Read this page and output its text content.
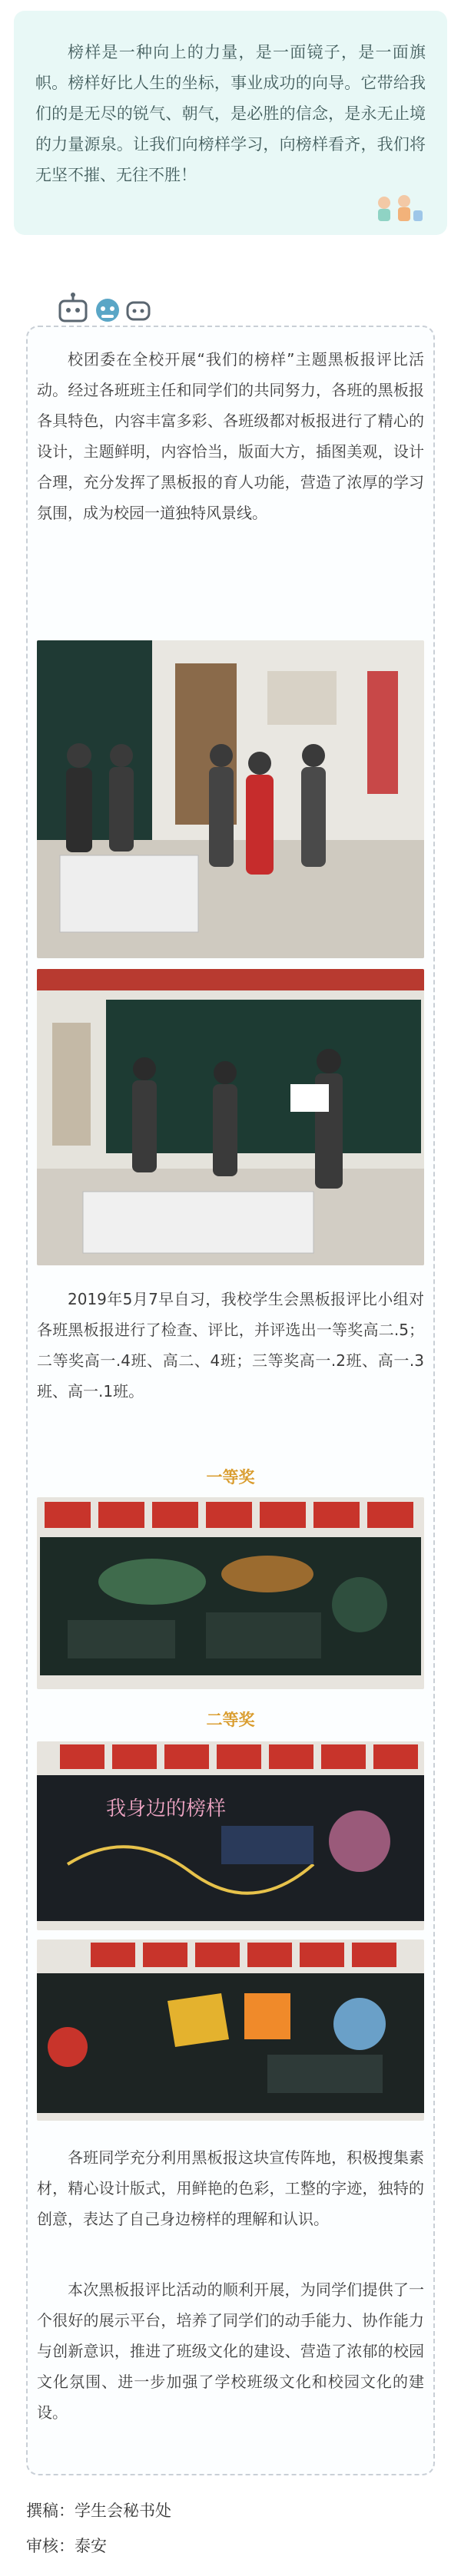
榜样是一种向上的力量，是一面镜子，是一面旗帜。榜样好比人生的坐标，事业成功的向导。它带给我们的是无尽的锐气、朝气，是必胜的信念，是永无止境的力量源泉。让我们向榜样学习，向榜样看齐，我们将无坚不摧、无往不胜！

校团委在全校开展“我们的榜样”主题黑板报评比活动。经过各班班主任和同学们的共同努力，各班的黑板报各具特色，内容丰富多彩、各班级都对板报进行了精心的设计，主题鲜明，内容恰当，版面大方，插图美观，设计合理，充分发挥了黑板报的育人功能，营造了浓厚的学习氛围，成为校园一道独特风景线。

2019年5月7早自习，我校学生会黑板报评比小组对各班黑板报进行了检查、评比，并评选出一等奖高二.5；二等奖高一.4班、高二、4班；三等奖高一.2班、高一.3班、高一.1班。

一等奖
二等奖
我身边的榜样

各班同学充分利用黑板报这块宣传阵地，积极搜集素材，精心设计版式，用鲜艳的色彩，工整的字迹，独特的创意，表达了自己身边榜样的理解和认识。

本次黑板报评比活动的顺利开展，为同学们提供了一个很好的展示平台，培养了同学们的动手能力、协作能力与创新意识，推进了班级文化的建设、营造了浓郁的校园文化氛围、进一步加强了学校班级文化和校园文化的建设。

撰稿：学生会秘书处
审核：泰安
